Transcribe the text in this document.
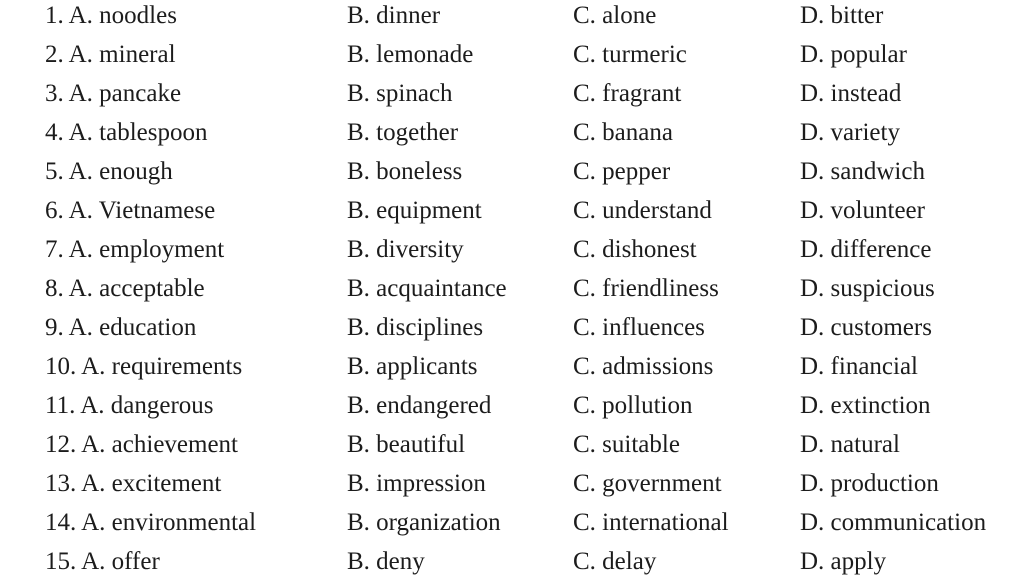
1. A. noodles	B. dinner	C. alone	D. bitter
2. A. mineral	B. lemonade	C. turmeric	D. popular
3. A. pancake	B. spinach	C. fragrant	D. instead
4. A. tablespoon	B. together	C. banana	D. variety
5. A. enough	B. boneless	C. pepper	D. sandwich
6. A. Vietnamese	B. equipment	C. understand	D. volunteer
7. A. employment	B. diversity	C. dishonest	D. difference
8. A. acceptable	B. acquaintance	C. friendliness	D. suspicious
9. A. education	B. disciplines	C. influences	D. customers
10. A. requirements	B. applicants	C. admissions	D. financial
11. A. dangerous	B. endangered	C. pollution	D. extinction
12. A. achievement	B. beautiful	C. suitable	D. natural
13. A. excitement	B. impression	C. government	D. production
14. A. environmental	B. organization	C. international	D. communication
15. A. offer	B. deny	C. delay	D. apply
